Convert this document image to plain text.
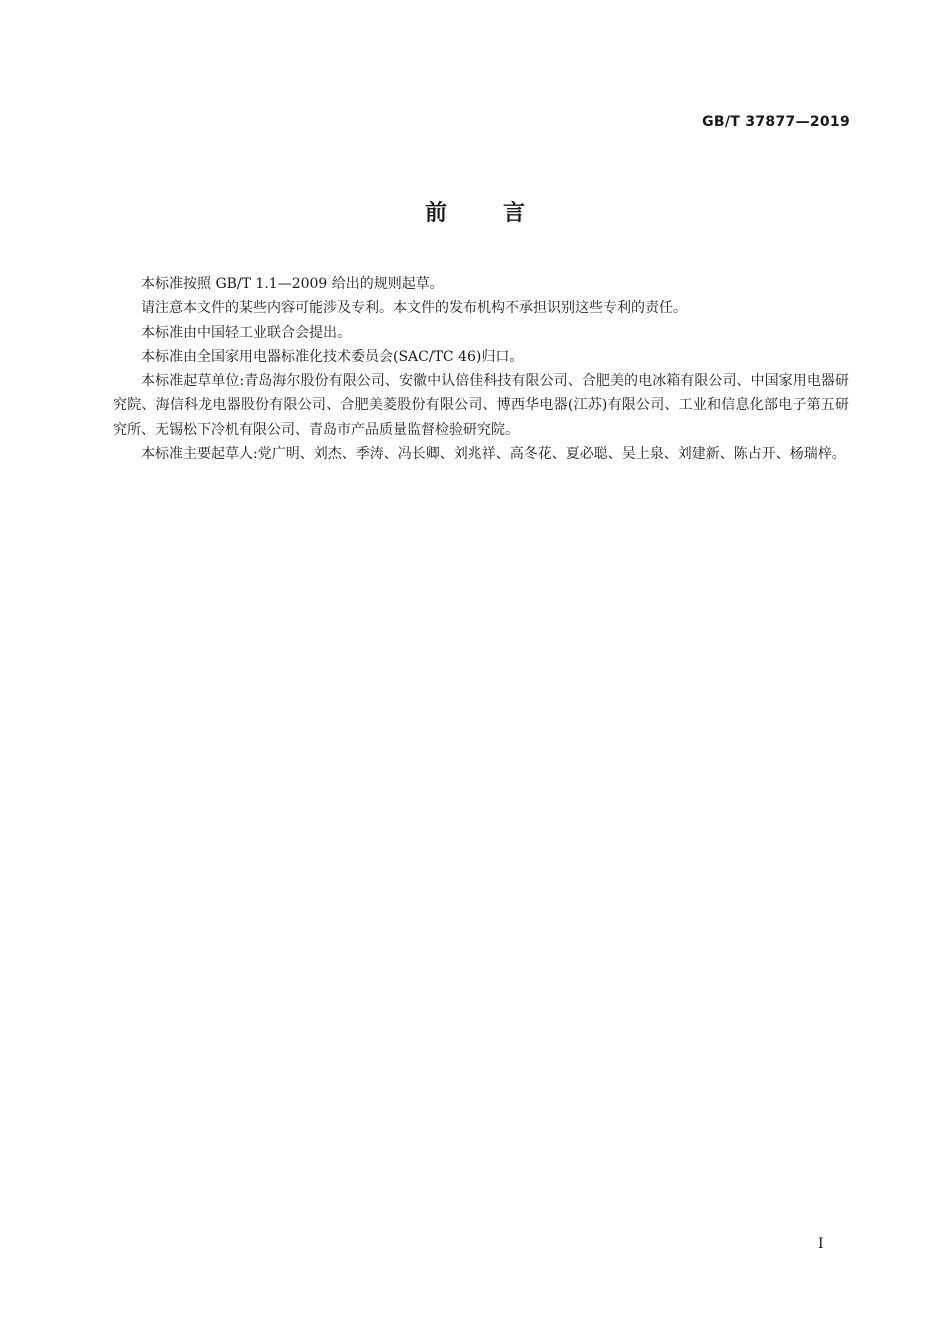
GB/T 37877—2019
前言

本标准按照 GB/T 1.1—2009 给出的规则起草。

请注意本文件的某些内容可能涉及专利。本文件的发布机构不承担识别这些专利的责任。

本标准由中国轻工业联合会提出。

本标准由全国家用电器标准化技术委员会(SAC/TC 46)归口。

本标准起草单位:青岛海尔股份有限公司、安徽中认倍佳科技有限公司、合肥美的电冰箱有限公司、中国家用电器研究院、海信科龙电器股份有限公司、合肥美菱股份有限公司、博西华电器(江苏)有限公司、工业和信息化部电子第五研究所、无锡松下冷机有限公司、青岛市产品质量监督检验研究院。

本标准主要起草人:党广明、刘杰、季涛、冯长卿、刘兆祥、高冬花、夏必聪、吴上泉、刘建新、陈占开、杨瑞梓。

I
